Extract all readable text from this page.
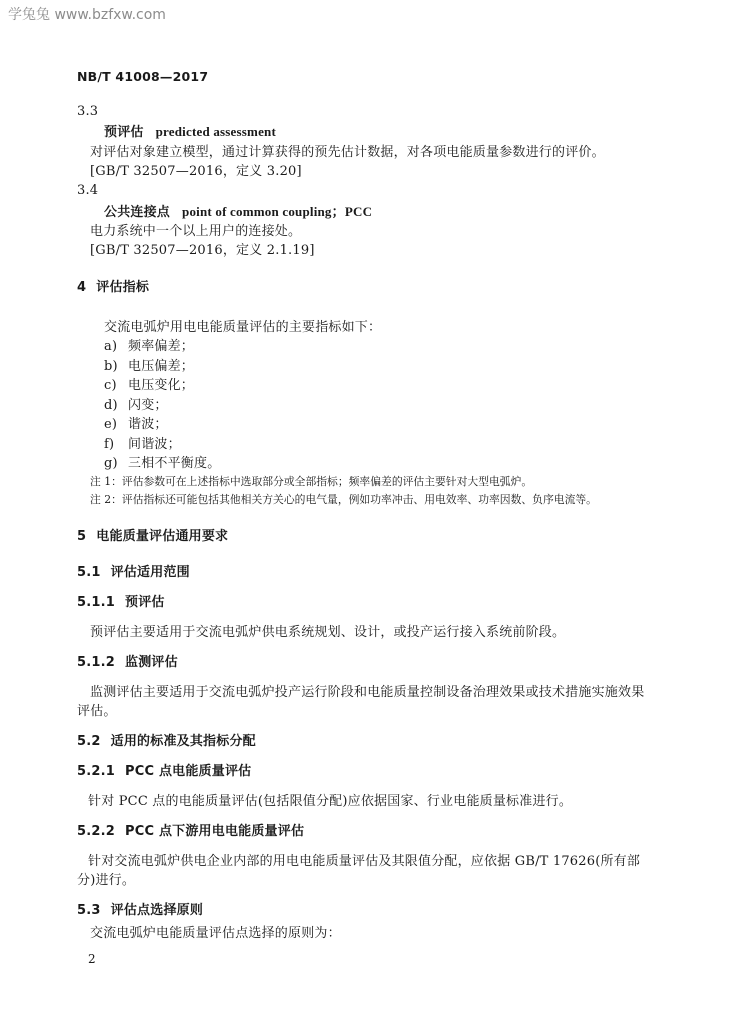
学兔兔 www.bzfxw.com
NB/T 41008—2017
3.3
预评估 predicted assessment
对评估对象建立模型，通过计算获得的预先估计数据，对各项电能质量参数进行的评价。
[GB/T 32507—2016，定义 3.20]
3.4
公共连接点 point of common coupling；PCC
电力系统中一个以上用户的连接处。
[GB/T 32507—2016，定义 2.1.19]
4 评估指标
交流电弧炉用电电能质量评估的主要指标如下：
a) 频率偏差；
b) 电压偏差；
c) 电压变化；
d) 闪变；
e) 谐波；
f) 间谐波；
g) 三相不平衡度。
注 1：评估参数可在上述指标中选取部分或全部指标；频率偏差的评估主要针对大型电弧炉。
注 2：评估指标还可能包括其他相关方关心的电气量，例如功率冲击、用电效率、功率因数、负序电流等。
5 电能质量评估通用要求
5.1 评估适用范围
5.1.1 预评估
预评估主要适用于交流电弧炉供电系统规划、设计，或投产运行接入系统前阶段。
5.1.2 监测评估
监测评估主要适用于交流电弧炉投产运行阶段和电能质量控制设备治理效果或技术措施实施效果
评估。
5.2 适用的标准及其指标分配
5.2.1 PCC 点电能质量评估
针对 PCC 点的电能质量评估(包括限值分配)应依据国家、行业电能质量标准进行。
5.2.2 PCC 点下游用电电能质量评估
针对交流电弧炉供电企业内部的用电电能质量评估及其限值分配，应依据 GB/T 17626(所有部
分)进行。
5.3 评估点选择原则
交流电弧炉电能质量评估点选择的原则为：
2
